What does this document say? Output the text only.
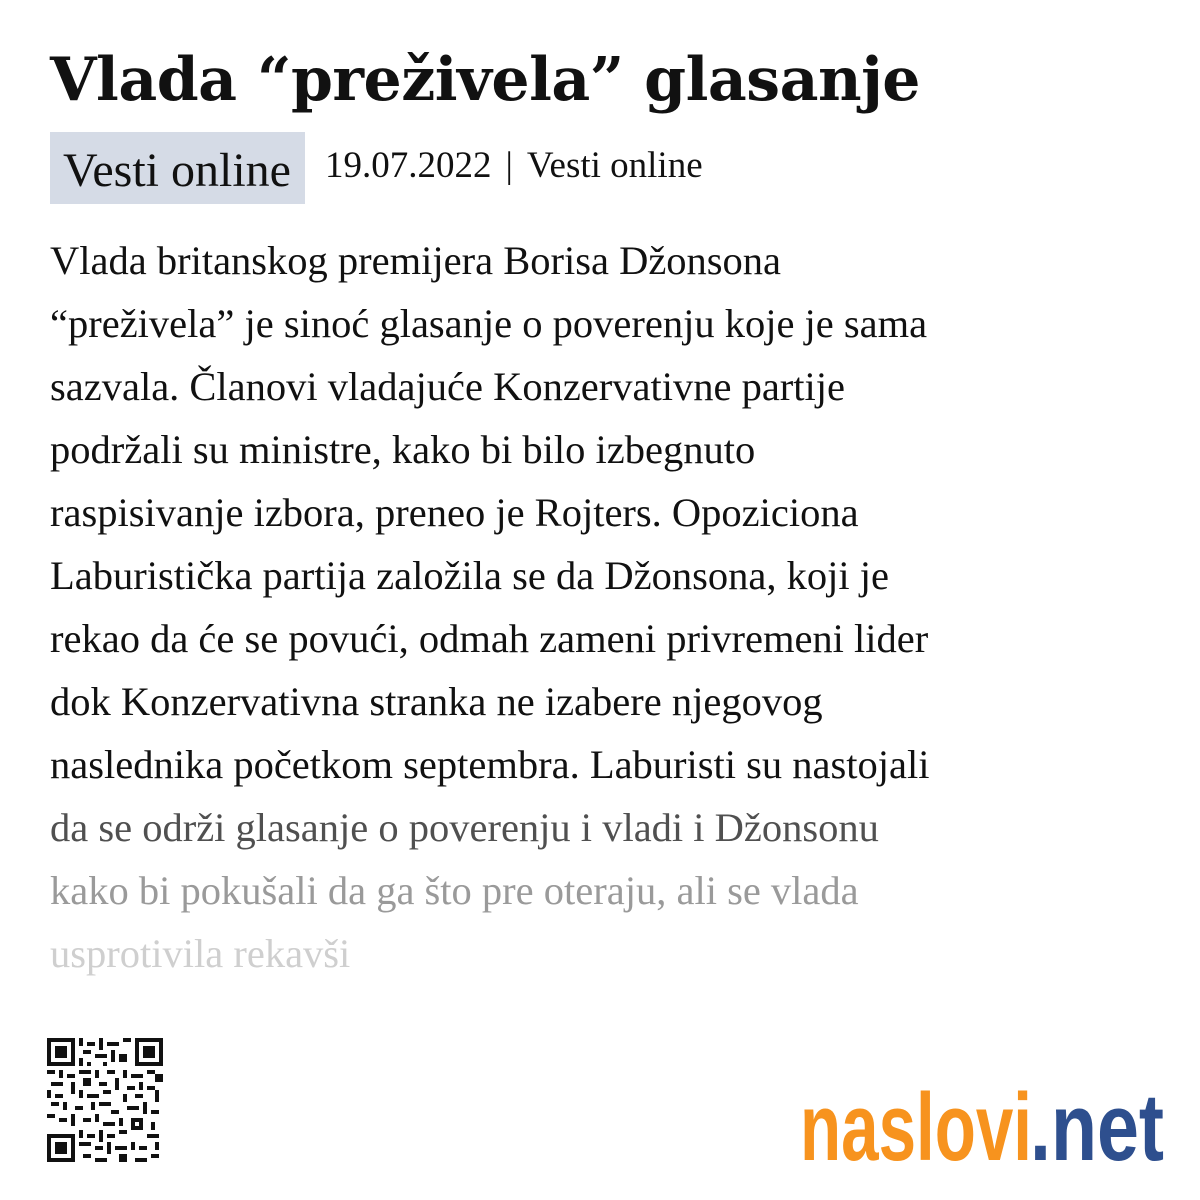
Vlada “preživela” glasanje
Vesti online 19.07.2022 | Vesti online
Vlada britanskog premijera Borisa Džonsona
“preživela” je sinoć glasanje o poverenju koje je sama
sazvala. Članovi vladajuće Konzervativne partije
podržali su ministre, kako bi bilo izbegnuto
raspisivanje izbora, preneo je Rojters. Opoziciona
Laburistička partija založila se da Džonsona, koji je
rekao da će se povući, odmah zameni privremeni lider
dok Konzervativna stranka ne izabere njegovog
naslednika početkom septembra. Laburisti su nastojali
da se održi glasanje o poverenju i vladi i Džonsonu
kako bi pokušali da ga što pre oteraju, ali se vlada
usprotivila rekavši
naslovi
.net
